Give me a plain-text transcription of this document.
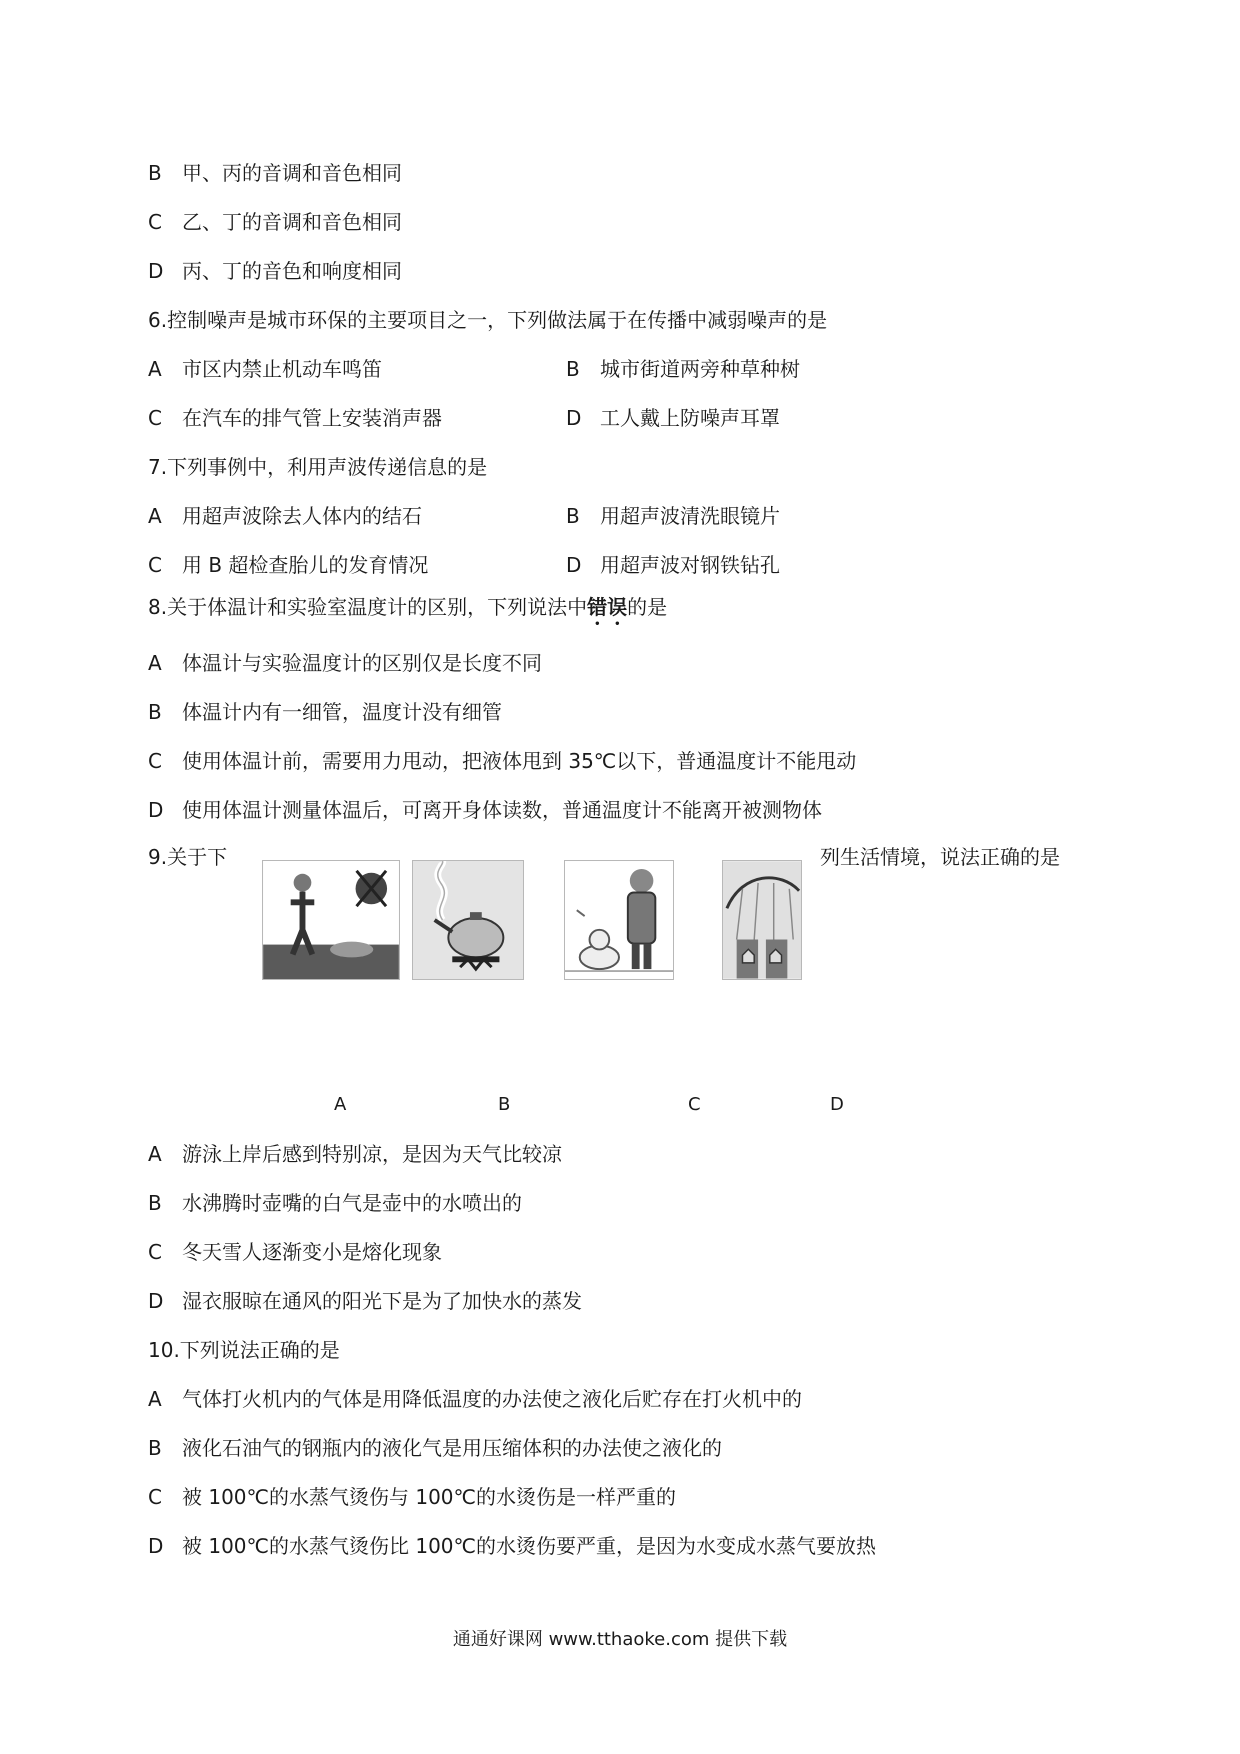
B 甲、丙的音调和音色相同
C 乙、丁的音调和音色相同
D 丙、丁的音色和响度相同
6.控制噪声是城市环保的主要项目之一，下列做法属于在传播中减弱噪声的是
A 市区内禁止机动车鸣笛	B 城市街道两旁种草种树
C 在汽车的排气管上安装消声器	D 工人戴上防噪声耳罩
7.下列事例中，利用声波传递信息的是
A 用超声波除去人体内的结石	B 用超声波清洗眼镜片
C 用 B 超检查胎儿的发育情况	D 用超声波对钢铁钻孔
8.关于体温计和实验室温度计的区别，下列说法中错误的是
A 体温计与实验温度计的区别仅是长度不同
B 体温计内有一细管，温度计没有细管
C 使用体温计前，需要用力甩动，把液体甩到 35℃以下，普通温度计不能甩动
D 使用体温计测量体温后，可离开身体读数，普通温度计不能离开被测物体
9.关于下	列生活情境，说法正确的是
A	B	C	D
A 游泳上岸后感到特别凉，是因为天气比较凉
B 水沸腾时壶嘴的白气是壶中的水喷出的
C 冬天雪人逐渐变小是熔化现象
D 湿衣服晾在通风的阳光下是为了加快水的蒸发
10.下列说法正确的是
A 气体打火机内的气体是用降低温度的办法使之液化后贮存在打火机中的
B 液化石油气的钢瓶内的液化气是用压缩体积的办法使之液化的
C 被 100℃的水蒸气烫伤与 100℃的水烫伤是一样严重的
D 被 100℃的水蒸气烫伤比 100℃的水烫伤要严重，是因为水变成水蒸气要放热
通通好课网 www.tthaoke.com 提供下载
